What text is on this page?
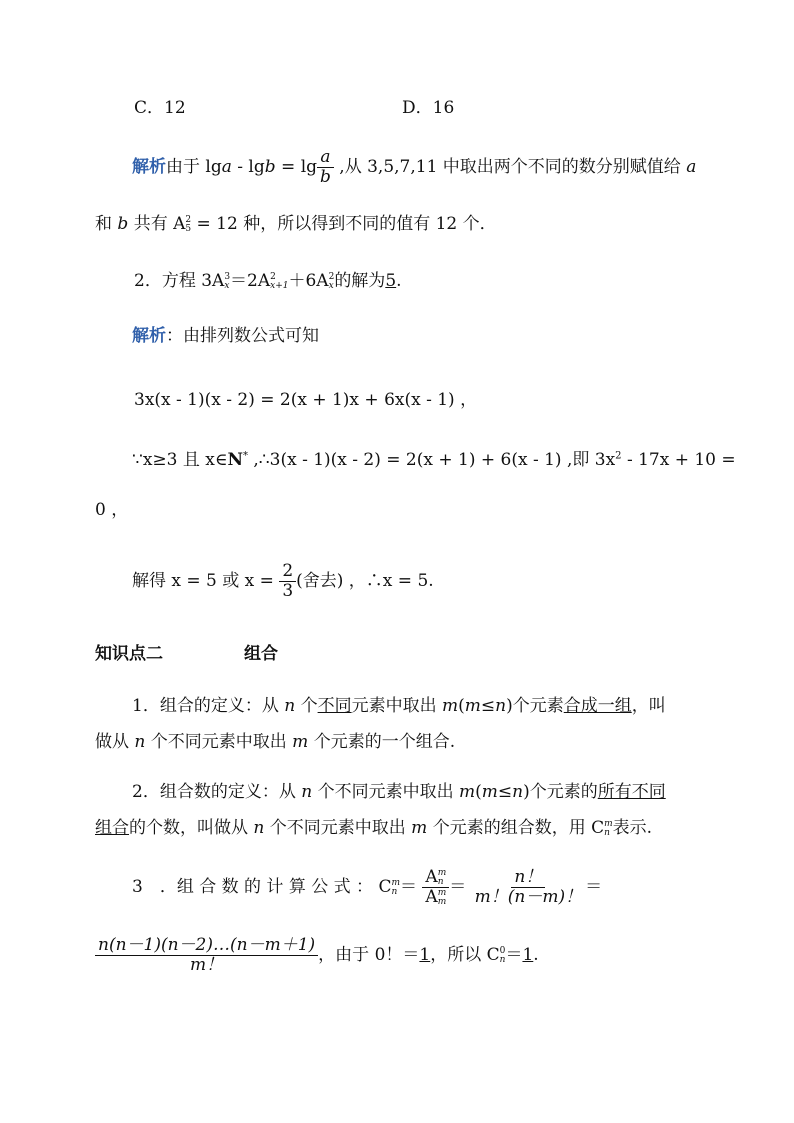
C．12	D．16
解析由于 $\lg a - \lg b = \lg \frac{a}{b}$ ,从 3,5,7,11 中取出两个不同的数分别赋值给 a
和 b 共有 A 2
5 = 12 种，所以得到不同的值有 12 个．
2．方程 3A 3
x ＝2A 2
x+1 ＋6A 2
x 的解为5.
解析：由排列数公式可知
3x(x - 1)(x - 2) = 2(x + 1)x + 6x(x - 1) ，
∵x≥3 且 x∈N* ,∴3(x - 1)(x - 2) = 2(x + 1) + 6(x - 1) ,即 $3x^2 - 17x + 10$ =
0 ，
解得 x = 5 或 $x = \frac{2}{3}$ (舍去) ，∴x = 5.
知识点二	组合
1．组合的定义：从 n 个不同元素中取出 m(m≤n)个元素合成一组，叫
做从 n 个不同元素中取出 m 个元素的一个组合.
2．组合数的定义：从 n 个不同元素中取出 m(m≤n)个元素的所有不同
组合的个数，叫做从 n 个不同元素中取出 m 个元素的组合数，用 C m
n 表示.
3　．组 合 数 的 计 算 公 式 ： C m
n ＝ A m
n
A m
$m = \frac{n!}{m!(n-m)!}$ ＝
$\frac{n(n-1)(n-2)\dots(n-m+1)}{m!}$ ，由于 0！＝1，所以 C 0
n ＝1.
